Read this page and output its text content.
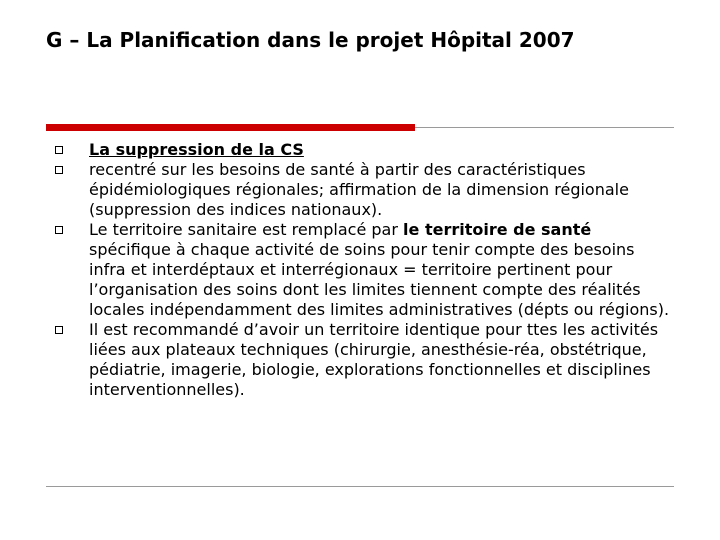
G – La Planification dans le projet Hôpital 2007
La suppression de la CS
recentré sur les besoins de santé à partir des caractéristiques épidémiologiques régionales; affirmation de la dimension régionale (suppression des indices nationaux).
Le territoire sanitaire est remplacé par le territoire de santé spécifique à chaque activité de soins pour tenir compte des besoins infra et interdéptaux et interrégionaux = territoire pertinent pour l’organisation des soins dont les limites tiennent compte des réalités locales indépendamment des limites administratives (dépts ou régions).
Il est recommandé d’avoir un territoire identique pour ttes les activités liées aux plateaux techniques (chirurgie, anesthésie-réa, obstétrique, pédiatrie, imagerie, biologie, explorations fonctionnelles et disciplines interventionnelles).
